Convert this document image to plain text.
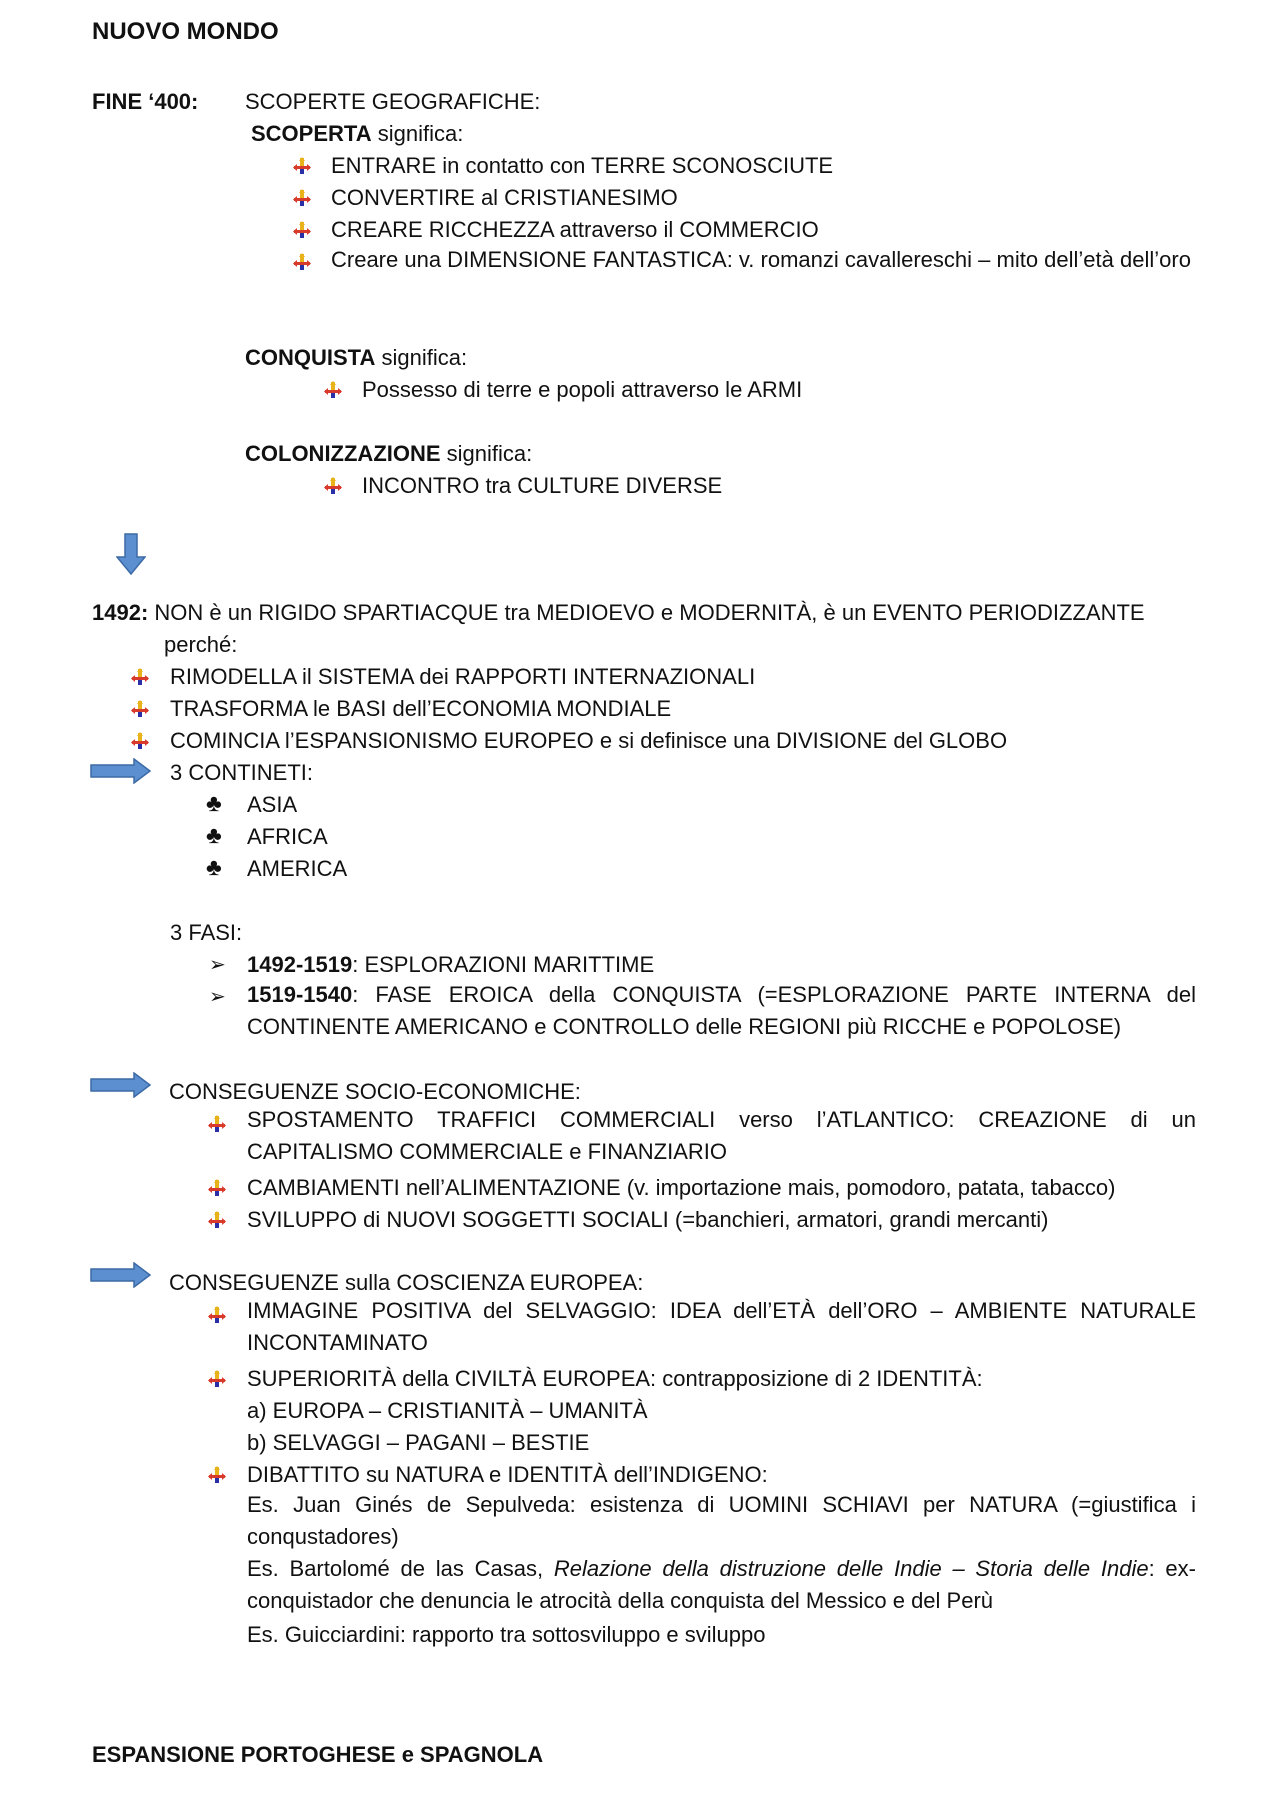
NUOVO MONDO
FINE ‘400: SCOPERTE GEOGRAFICHE:
SCOPERTA significa:
ENTRARE in contatto con TERRE SCONOSCIUTE
CONVERTIRE al CRISTIANESIMO
CREARE RICCHEZZA attraverso il COMMERCIO
Creare una DIMENSIONE FANTASTICA: v. romanzi cavallereschi – mito dell’età dell’oro
CONQUISTA significa:
Possesso di terre e popoli attraverso le ARMI
COLONIZZAZIONE significa:
INCONTRO tra CULTURE DIVERSE
1492: NON è un RIGIDO SPARTIACQUE tra MEDIOEVO e MODERNITÀ, è un EVENTO PERIODIZZANTE
perché:
RIMODELLA il SISTEMA dei RAPPORTI INTERNAZIONALI
TRASFORMA le BASI dell’ECONOMIA MONDIALE
COMINCIA l’ESPANSIONISMO EUROPEO e si definisce una DIVISIONE del GLOBO
3 CONTINETI:
♣ ASIA
♣ AFRICA
♣ AMERICA
3 FASI:
➢ 1492-1519: ESPLORAZIONI MARITTIME
➢ 1519-1540: FASE EROICA della CONQUISTA (=ESPLORAZIONE PARTE INTERNA del CONTINENTE AMERICANO e CONTROLLO delle REGIONI più RICCHE e POPOLOSE)
CONSEGUENZE SOCIO-ECONOMICHE:
SPOSTAMENTO TRAFFICI COMMERCIALI verso l’ATLANTICO: CREAZIONE di un CAPITALISMO COMMERCIALE e FINANZIARIO
CAMBIAMENTI nell’ALIMENTAZIONE (v. importazione mais, pomodoro, patata, tabacco)
SVILUPPO di NUOVI SOGGETTI SOCIALI (=banchieri, armatori, grandi mercanti)
CONSEGUENZE sulla COSCIENZA EUROPEA:
IMMAGINE POSITIVA del SELVAGGIO: IDEA dell’ETÀ dell’ORO – AMBIENTE NATURALE INCONTAMINATO
SUPERIORITÀ della CIVILTÀ EUROPEA: contrapposizione di 2 IDENTITÀ:
a) EUROPA – CRISTIANITÀ – UMANITÀ
b) SELVAGGI – PAGANI – BESTIE
DIBATTITO su NATURA e IDENTITÀ dell’INDIGENO:
Es. Juan Ginés de Sepulveda: esistenza di UOMINI SCHIAVI per NATURA (=giustifica i conqustadores)
Es. Bartolomé de las Casas, Relazione della distruzione delle Indie – Storia delle Indie: ex-conquistador che denuncia le atrocità della conquista del Messico e del Perù
Es. Guicciardini: rapporto tra sottosviluppo e sviluppo
ESPANSIONE PORTOGHESE e SPAGNOLA
